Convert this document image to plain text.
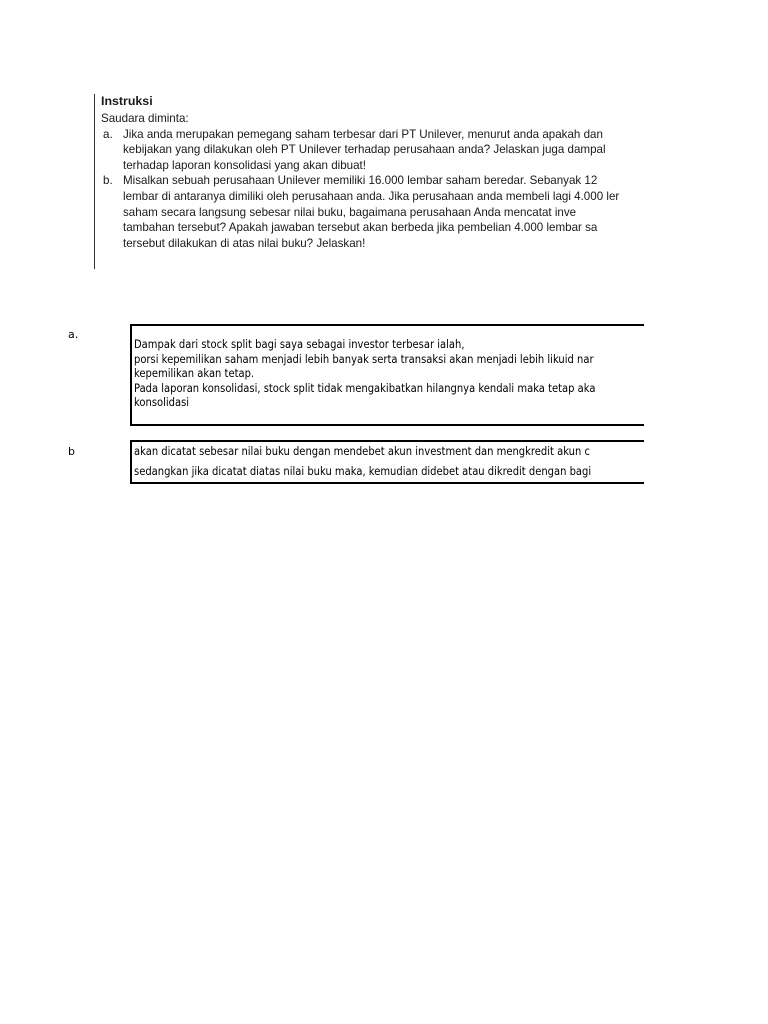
Instruksi
Saudara diminta:
a. Jika anda merupakan pemegang saham terbesar dari PT Unilever, menurut anda apakah dan
kebijakan yang dilakukan oleh PT Unilever terhadap perusahaan anda? Jelaskan juga dampal
terhadap laporan konsolidasi yang akan dibuat!
b. Misalkan sebuah perusahaan Unilever memiliki 16.000 lembar saham beredar. Sebanyak 12
lembar di antaranya dimiliki oleh perusahaan anda. Jika perusahaan anda membeli lagi 4.000 ler
saham secara langsung sebesar nilai buku, bagaimana perusahaan Anda mencatat inve
tambahan tersebut? Apakah jawaban tersebut akan berbeda jika pembelian 4.000 lembar sa
tersebut dilakukan di atas nilai buku? Jelaskan!
a.
Dampak dari stock split bagi saya sebagai investor terbesar ialah,
porsi kepemilikan saham menjadi lebih banyak serta transaksi akan menjadi lebih likuid nar
kepemilikan akan tetap.
Pada laporan konsolidasi, stock split tidak mengakibatkan hilangnya kendali maka tetap aka
konsolidasi
b	akan dicatat sebesar nilai buku dengan mendebet akun investment dan mengkredit akun c
sedangkan jika dicatat diatas nilai buku maka, kemudian didebet atau dikredit dengan bagi
